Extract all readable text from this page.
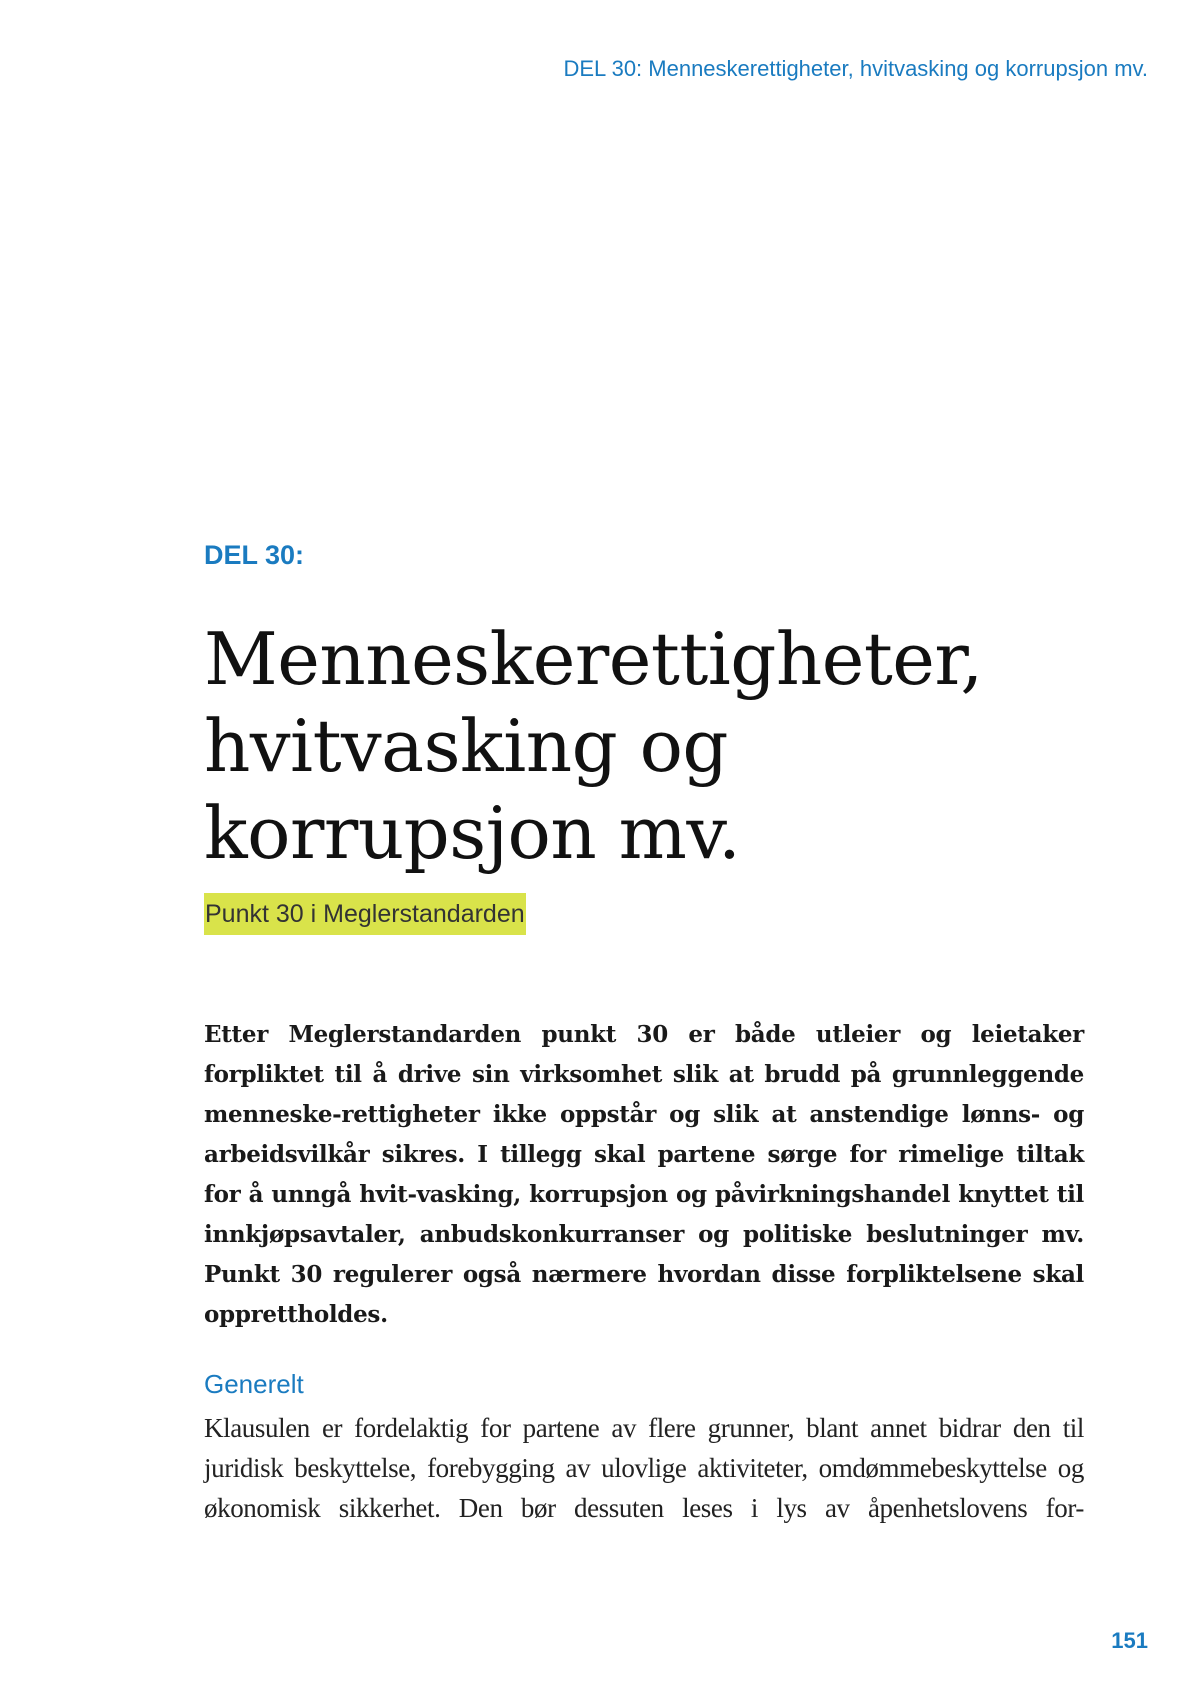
DEL 30: Menneskerettigheter, hvitvasking og korrupsjon mv.
DEL 30:
Menneskerettigheter,
hvitvasking og
korrupsjon mv.
Punkt 30 i Meglerstandarden

Etter Meglerstandarden punkt 30 er både utleier og leietaker forpliktet til å drive sin virksomhet slik at brudd på grunnleggende menneske-rettigheter ikke oppstår og slik at anstendige lønns- og arbeidsvilkår sikres. I tillegg skal partene sørge for rimelige tiltak for å unngå hvit-vasking, korrupsjon og påvirkningshandel knyttet til innkjøpsavtaler, anbudskonkurranser og politiske beslutninger mv. Punkt 30 regulerer også nærmere hvordan disse forpliktelsene skal opprettholdes.

Generelt

Klausulen er fordelaktig for partene av flere grunner, blant annet bidrar den til juridisk beskyttelse, forebygging av ulovlige aktiviteter, omdømmebeskyttelse og økonomisk sikkerhet. Den bør dessuten leses i lys av åpenhetslovens for-

151
